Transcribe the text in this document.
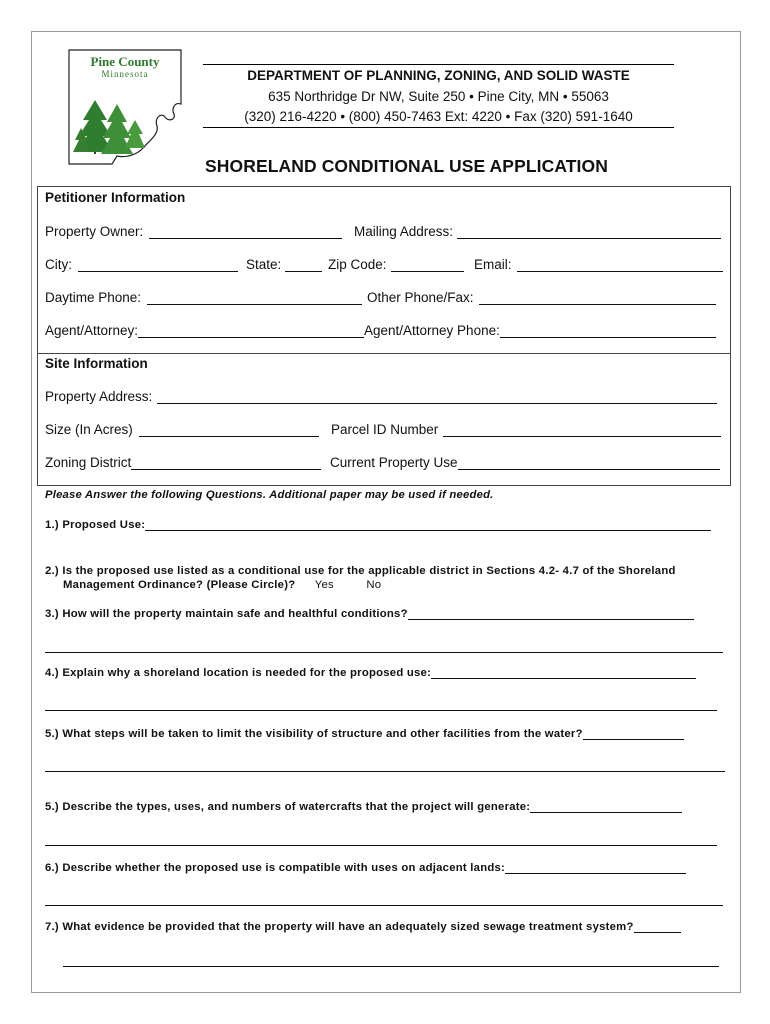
Pine County
Minnesota	DEPARTMENT OF PLANNING, ZONING, AND SOLID WASTE
635 Northridge Dr NW, Suite 250 • Pine City, MN • 55063
(320) 216-4220 • (800) 450-7463 Ext: 4220 • Fax (320) 591-1640
SHORELAND CONDITIONAL USE APPLICATION
Petitioner Information
Property Owner:	Mailing Address:
City:	State:	Zip Code:	Email:
Daytime Phone:	Other Phone/Fax:
Agent/Attorney:	Agent/Attorney Phone:
Site Information
Property Address:
Size (In Acres)	Parcel ID Number
Zoning District	Current Property Use
Please Answer the following Questions. Additional paper may be used if needed.
1.) Proposed Use:
2.) Is the proposed use listed as a conditional use for the applicable district in Sections 4.2- 4.7 of the Shoreland
Management Ordinance? (Please Circle)? Yes	No
3.) How will the property maintain safe and healthful conditions?
4.) Explain why a shoreland location is needed for the proposed use:
5.) What steps will be taken to limit the visibility of structure and other facilities from the water?
5.) Describe the types, uses, and numbers of watercrafts that the project will generate:
6.) Describe whether the proposed use is compatible with uses on adjacent lands:
7.) What evidence be provided that the property will have an adequately sized sewage treatment system?
